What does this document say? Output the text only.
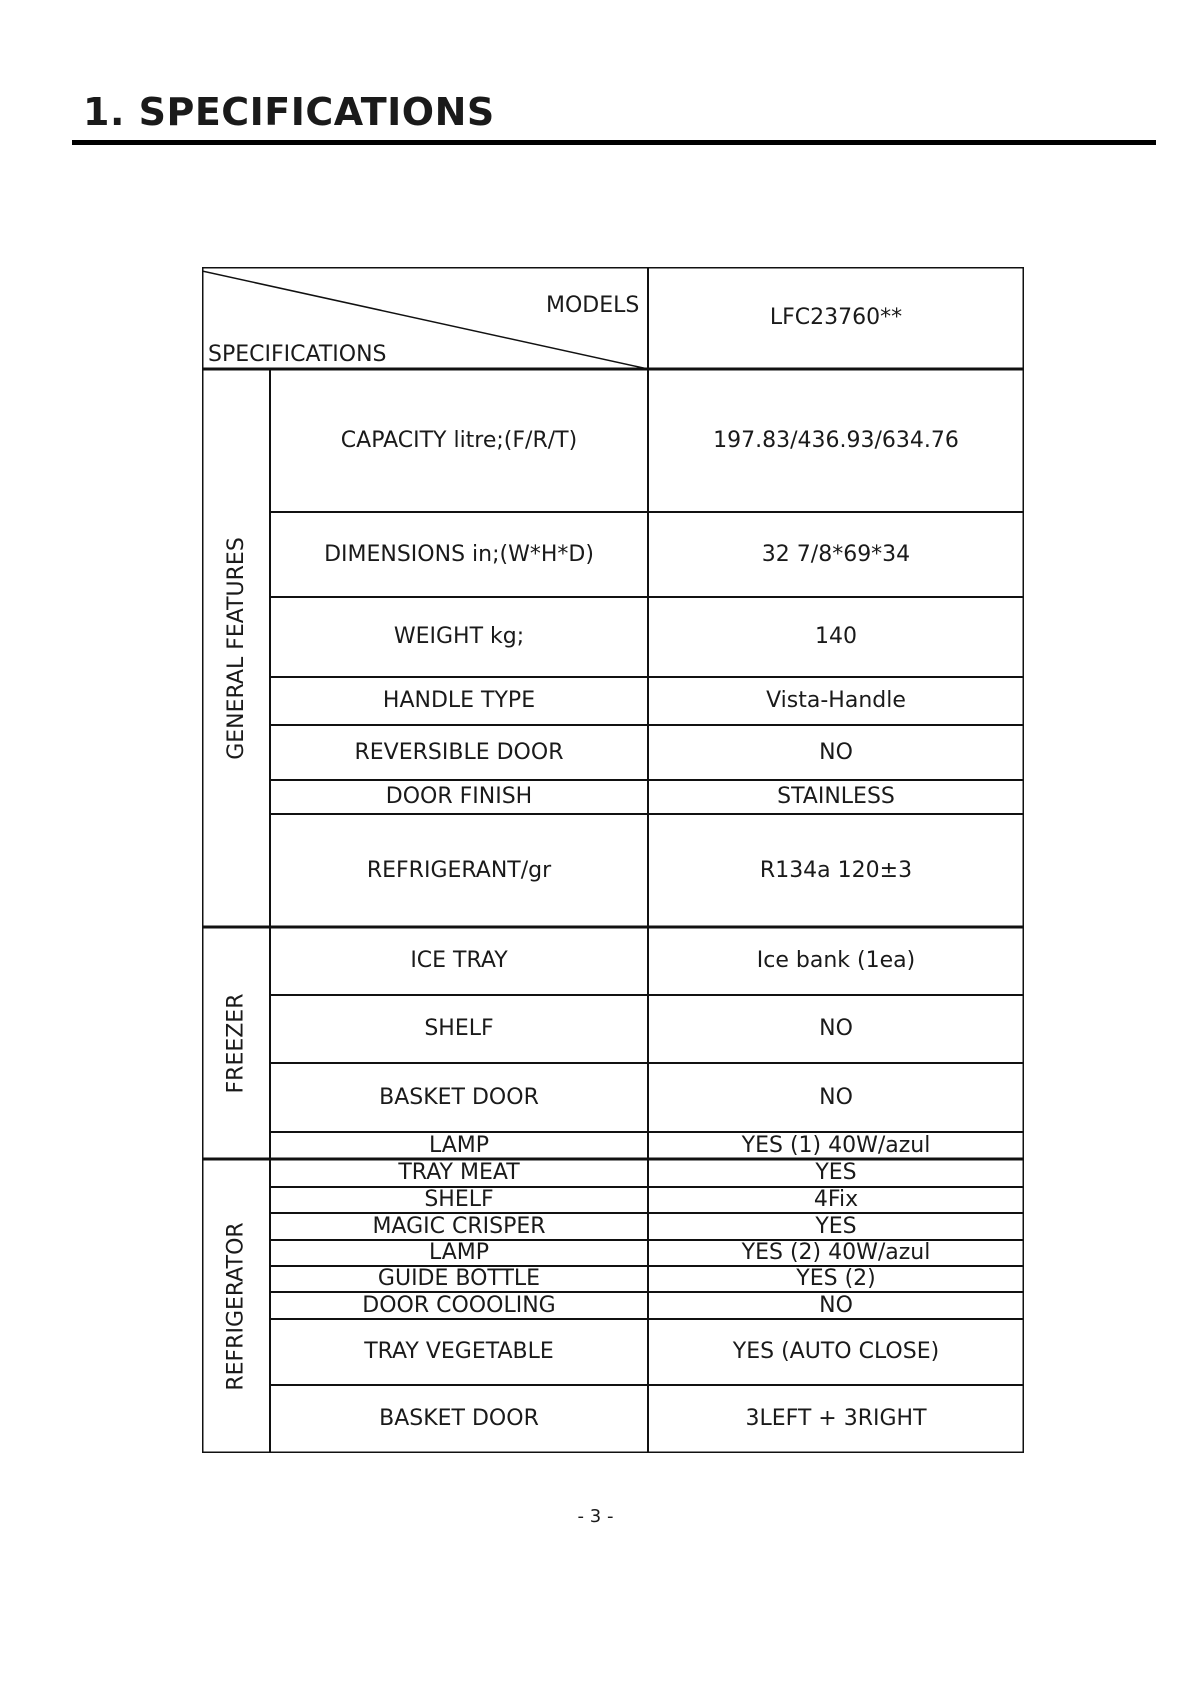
1. SPECIFICATIONS
MODELS
SPECIFICATIONS
LFC23760**
GENERAL FEATURES
CAPACITY litre;(F/R/T)	197.83/436.93/634.76
DIMENSIONS in;(W*H*D)	32 7/8*69*34
WEIGHT kg;	140
HANDLE TYPE	Vista-Handle
REVERSIBLE DOOR	NO
DOOR FINISH	STAINLESS
REFRIGERANT/gr	R134a 120±3
FREEZER
ICE TRAY	Ice bank (1ea)
SHELF	NO
BASKET DOOR	NO
LAMP	YES (1) 40W/azul
REFRIGERATOR
TRAY MEAT	YES
SHELF	4Fix
MAGIC CRISPER	YES
LAMP	YES (2) 40W/azul
GUIDE BOTTLE	YES (2)
DOOR COOOLING	NO
TRAY VEGETABLE	YES (AUTO CLOSE)
BASKET DOOR	3LEFT + 3RIGHT
- 3 -
